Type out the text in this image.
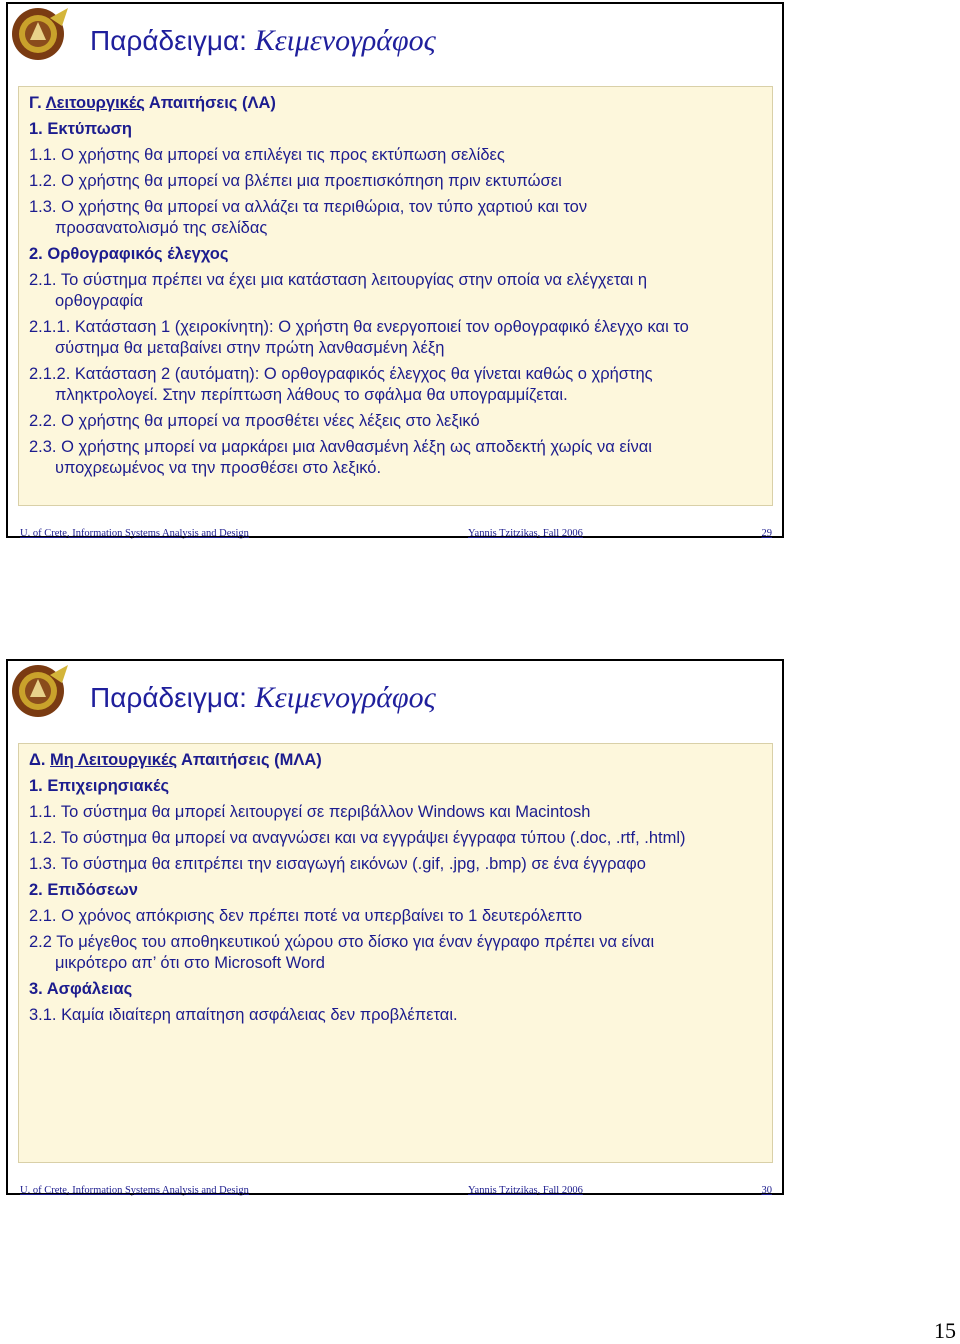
Παράδειγμα: Κειμενογράφος
Γ. Λειτουργικές Απαιτήσεις (ΛΑ)
1. Εκτύπωση
1.1. Ο χρήστης θα μπορεί να επιλέγει τις προς εκτύπωση σελίδες
1.2. Ο χρήστης θα μπορεί να βλέπει μια προεπισκόπηση πριν εκτυπώσει
1.3. Ο χρήστης θα μπορεί να αλλάζει τα περιθώρια, τον τύπο χαρτιού και τον
προσανατολισμό της σελίδας
2. Ορθογραφικός έλεγχος
2.1. Το σύστημα πρέπει να έχει μια κατάσταση λειτουργίας στην οποία να ελέγχεται η
ορθογραφία
2.1.1. Κατάσταση 1 (χειροκίνητη): Ο χρήστη θα ενεργοποιεί τον ορθογραφικό έλεγχο και το
σύστημα θα μεταβαίνει στην πρώτη λανθασμένη λέξη
2.1.2. Κατάσταση 2 (αυτόματη): Ο ορθογραφικός έλεγχος θα γίνεται καθώς ο χρήστης
πληκτρολογεί. Στην περίπτωση λάθους το σφάλμα θα υπογραμμίζεται.
2.2. Ο χρήστης θα μπορεί να προσθέτει νέες λέξεις στο λεξικό
2.3. Ο χρήστης μπορεί να μαρκάρει μια λανθασμένη λέξη ως αποδεκτή χωρίς να είναι
υποχρεωμένος να την προσθέσει στο λεξικό.
U. of Crete, Information Systems Analysis and Design	Yannis Tzitzikas, Fall 2006	29
Παράδειγμα: Κειμενογράφος
Δ. Μη Λειτουργικές Απαιτήσεις (ΜΛΑ)
1. Επιχειρησιακές
1.1. Το σύστημα θα μπορεί λειτουργεί σε περιβάλλον Windows και Macintosh
1.2. Το σύστημα θα μπορεί να αναγνώσει και να εγγράψει έγγραφα τύπου (.doc, .rtf, .html)
1.3. Το σύστημα θα επιτρέπει την εισαγωγή εικόνων (.gif, .jpg, .bmp) σε ένα έγγραφο
2. Επιδόσεων
2.1. Ο χρόνος απόκρισης δεν πρέπει ποτέ να υπερβαίνει το 1 δευτερόλεπτο
2.2 Το μέγεθος του αποθηκευτικού χώρου στο δίσκο για έναν έγγραφο πρέπει να είναι
μικρότερο απ’ ότι στο Microsoft Word
3. Ασφάλειας
3.1. Καμία ιδιαίτερη απαίτηση ασφάλειας δεν προβλέπεται.
U. of Crete, Information Systems Analysis and Design	Yannis Tzitzikas, Fall 2006	30
15
